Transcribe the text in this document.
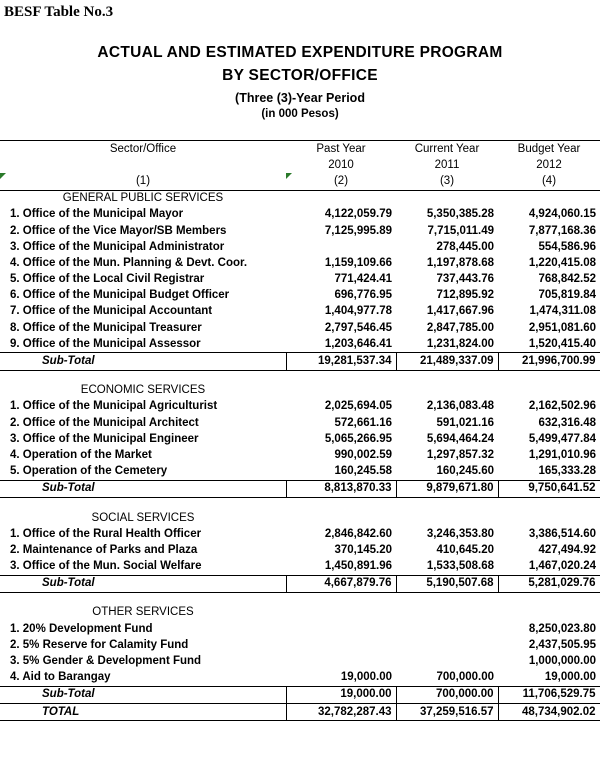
BESF Table No.3
ACTUAL AND ESTIMATED EXPENDITURE PROGRAM
BY SECTOR/OFFICE
(Three (3)-Year Period
(in 000 Pesos)
Sector/Office	Past Year	Current Year	Budget Year
	2010	2011	2012

(1)	(2)	(3)	(4)
GENERAL PUBLIC SERVICES			
1. Office of the Municipal Mayor	4,122,059.79	5,350,385.28	4,924,060.15
2. Office of the Vice Mayor/SB Members	7,125,995.89	7,715,011.49	7,877,168.36
3. Office of the Municipal Administrator		278,445.00	554,586.96
4. Office of the Mun. Planning & Devt. Coor.	1,159,109.66	1,197,878.68	1,220,415.08
5. Office of the Local Civil Registrar	771,424.41	737,443.76	768,842.52
6. Office of the Municipal Budget Officer	696,776.95	712,895.92	705,819.84
7. Office of the Municipal Accountant	1,404,977.78	1,417,667.96	1,474,311.08
8. Office of the Municipal Treasurer	2,797,546.45	2,847,785.00	2,951,081.60
9. Office of the Municipal Assessor	1,203,646.41	1,231,824.00	1,520,415.40
Sub-Total	19,281,537.34	21,489,337.09	21,996,700.99

ECONOMIC SERVICES			
1. Office of the Municipal Agriculturist	2,025,694.05	2,136,083.48	2,162,502.96
2. Office of the Municipal Architect	572,661.16	591,021.16	632,316.48
3. Office of the Municipal Engineer	5,065,266.95	5,694,464.24	5,499,477.84
4. Operation of the Market	990,002.59	1,297,857.32	1,291,010.96
5. Operation of the Cemetery	160,245.58	160,245.60	165,333.28
Sub-Total	8,813,870.33	9,879,671.80	9,750,641.52

SOCIAL SERVICES			
1. Office of the Rural Health Officer	2,846,842.60	3,246,353.80	3,386,514.60
2. Maintenance of Parks and Plaza	370,145.20	410,645.20	427,494.92
3. Office of the Mun. Social Welfare	1,450,891.96	1,533,508.68	1,467,020.24
Sub-Total	4,667,879.76	5,190,507.68	5,281,029.76

OTHER SERVICES			
1. 20% Development Fund			8,250,023.80
2. 5% Reserve for Calamity Fund			2,437,505.95
3. 5% Gender & Development Fund			1,000,000.00
4. Aid to Barangay	19,000.00	700,000.00	19,000.00
Sub-Total	19,000.00	700,000.00	11,706,529.75
TOTAL	32,782,287.43	37,259,516.57	48,734,902.02
